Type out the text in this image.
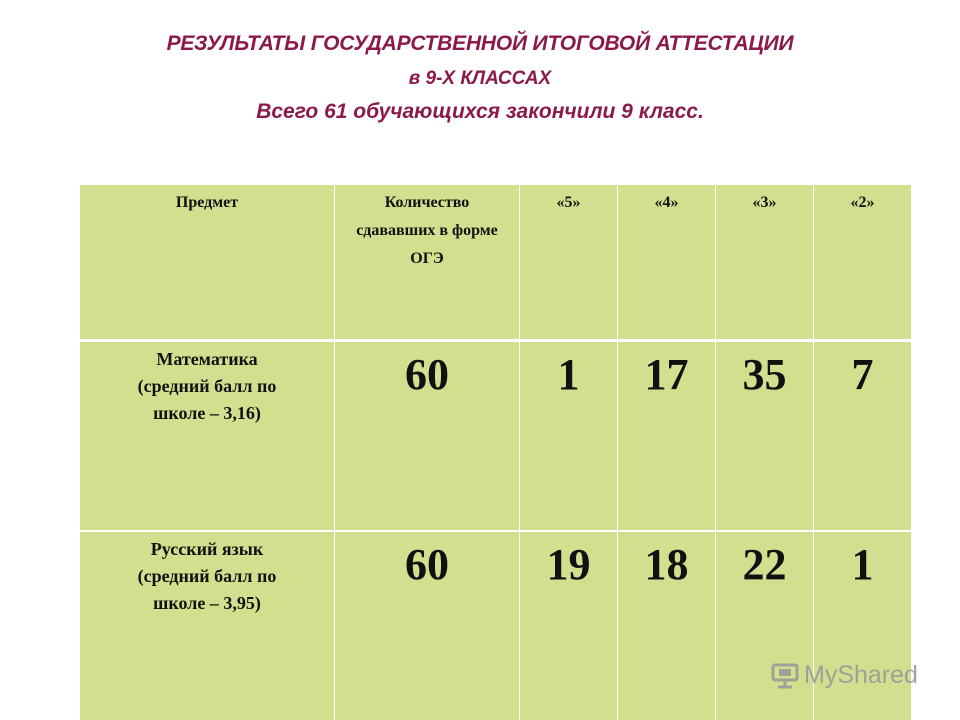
РЕЗУЛЬТАТЫ ГОСУДАРСТВЕННОЙ ИТОГОВОЙ АТТЕСТАЦИИ
в 9-Х КЛАССАХ
Всего 61 обучающихся закончили 9 класс.
Предмет	Количество сдававших в форме ОГЭ	«5»	«4»	«3»	«2»

Математика
(средний балл по
школе – 3,16)	60	1	17	35	7

Русский язык
(средний балл по
школе – 3,95)	60	19	18	22	1
MyShared
